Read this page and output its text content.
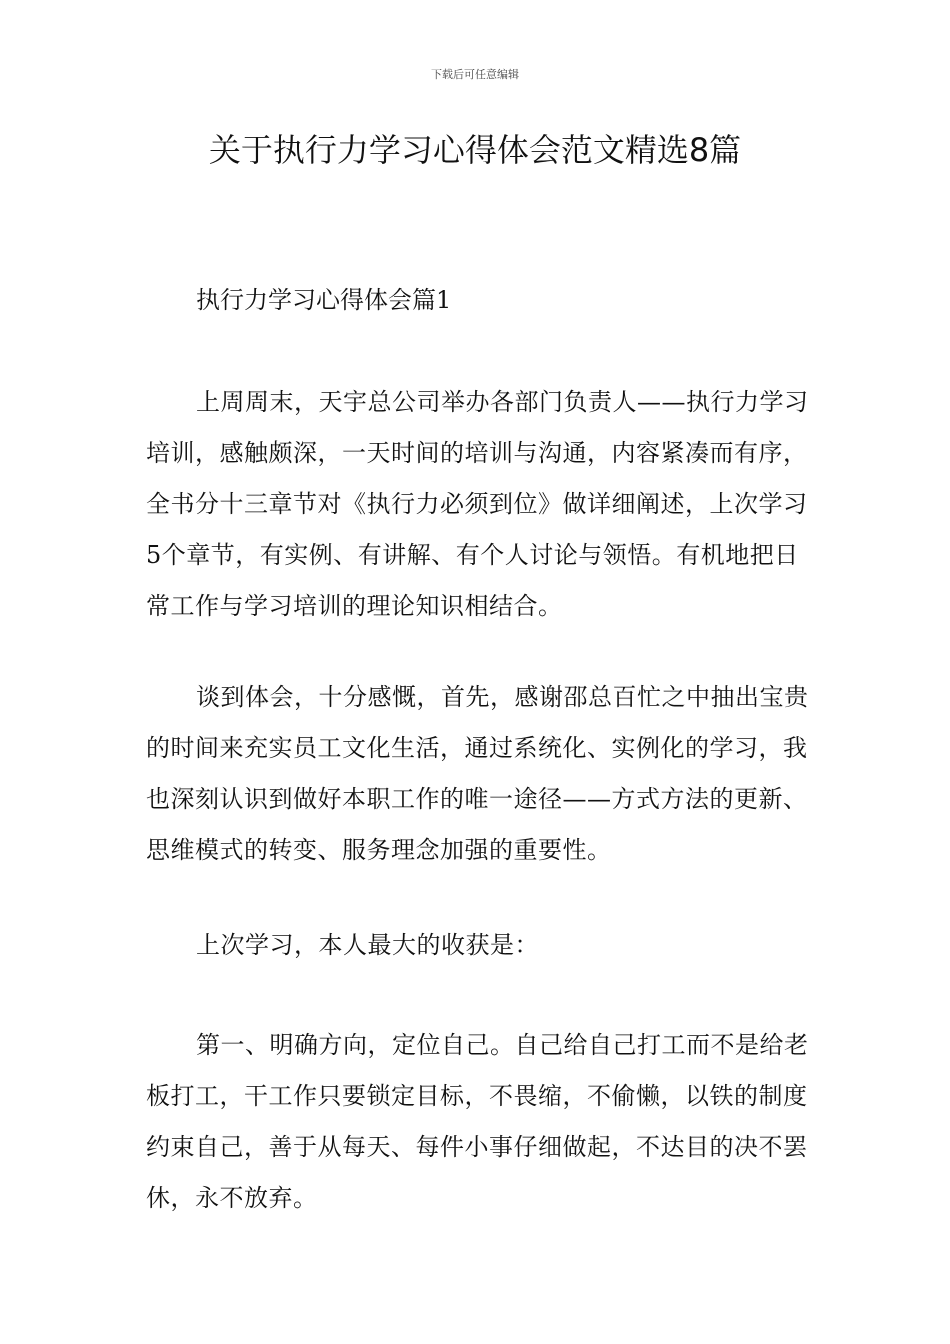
下载后可任意编辑
关于执行力学习心得体会范文精选8篇
执行力学习心得体会篇1

上周周末，天宇总公司举办各部门负责人——执行力学习培训，感触颇深，一天时间的培训与沟通，内容紧凑而有序，全书分十三章节对《执行力必须到位》做详细阐述，上次学习5个章节，有实例、有讲解、有个人讨论与领悟。有机地把日常工作与学习培训的理论知识相结合。

谈到体会，十分感慨，首先，感谢邵总百忙之中抽出宝贵的时间来充实员工文化生活，通过系统化、实例化的学习，我也深刻认识到做好本职工作的唯一途径——方式方法的更新、思维模式的转变、服务理念加强的重要性。

上次学习，本人最大的收获是：

第一、明确方向，定位自己。自己给自己打工而不是给老板打工，干工作只要锁定目标，不畏缩，不偷懒，以铁的制度约束自己，善于从每天、每件小事仔细做起，不达目的决不罢休，永不放弃。
